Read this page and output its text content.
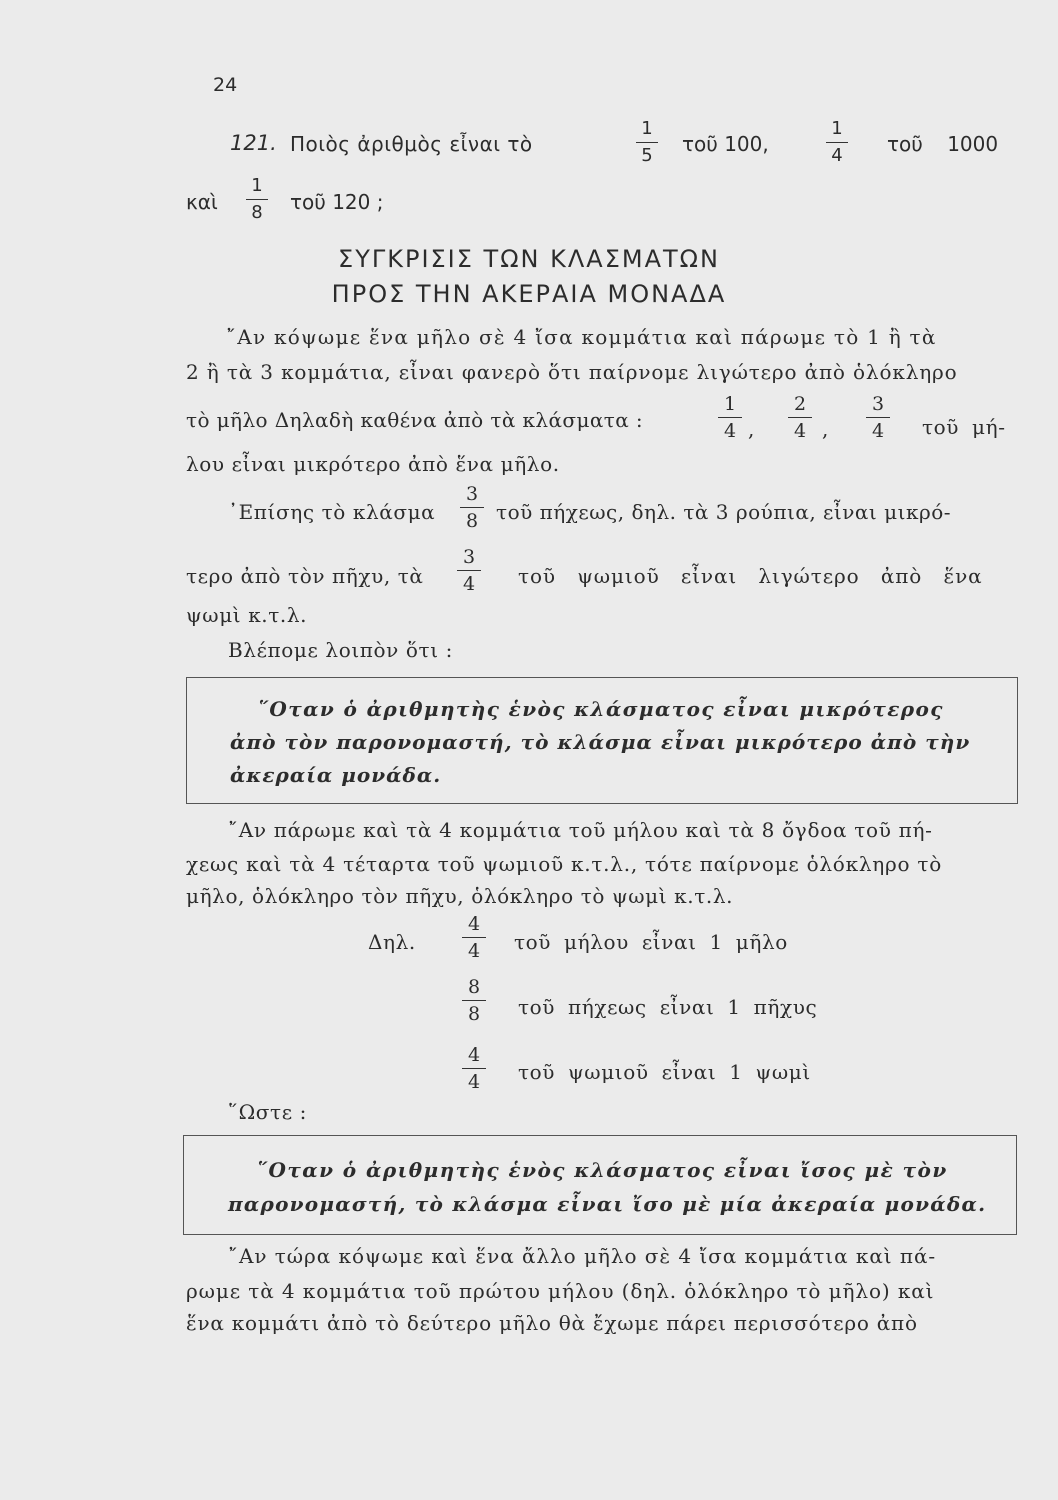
24
121. Ποιὸς ἀριθμὸς εἶναι τὸ
1
5 τοῦ 100,
1
4 τοῦ 1000
καὶ
1
8 τοῦ 120 ;
ΣΥΓΚΡΙΣΙΣ ΤΩΝ ΚΛΑΣΜΑΤΩΝ
ΠΡΟΣ ΤΗΝ ΑΚΕΡΑΙΑ ΜΟΝΑΔΑ
῎Αν κόψωμε ἕνα μῆλο σὲ 4 ἴσα κομμάτια καὶ πάρωμε τὸ 1 ἢ τὰ
2 ἢ τὰ 3 κομμάτια, εἶναι φανερὸ ὅτι παίρνομε λιγώτερο ἀπὸ ὁλόκληρο
τὸ μῆλο Δηλαδὴ καθένα ἀπὸ τὰ κλάσματα :
1
4 ,
2
4 ,
3
4 τοῦ μή-
λου εἶναι μικρότερο ἀπὸ ἕνα μῆλο.
᾿Επίσης τὸ κλάσμα
3
8 τοῦ πήχεως, δηλ. τὰ 3 ρούπια, εἶναι μικρό-
τερο ἀπὸ τὸν πῆχυ, τὰ
3
4 τοῦ ψωμιοῦ εἶναι λιγώτερο ἀπὸ ἕνα
ψωμὶ κ.τ.λ.
Βλέπομε λοιπὸν ὅτι :
῞Οταν ὁ ἀριθμητὴς ἑνὸς κλάσματος εἶναι μικρότερος
ἀπὸ τὸν παρονομαστή, τὸ κλάσμα εἶναι μικρότερο ἀπὸ τὴν
ἀκεραία μονάδα.
῎Αν πάρωμε καὶ τὰ 4 κομμάτια τοῦ μήλου καὶ τὰ 8 ὄγδοα τοῦ πή-
χεως καὶ τὰ 4 τέταρτα τοῦ ψωμιοῦ κ.τ.λ., τότε παίρνομε ὁλόκληρο τὸ
μῆλο, ὁλόκληρο τὸν πῆχυ, ὁλόκληρο τὸ ψωμὶ κ.τ.λ.
Δηλ.
4
4 τοῦ μήλου εἶναι 1 μῆλο
8
8 τοῦ πήχεως εἶναι 1 πῆχυς
4
4 τοῦ ψωμιοῦ εἶναι 1 ψωμὶ
῞Ωστε :
῞Οταν ὁ ἀριθμητὴς ἑνὸς κλάσματος εἶναι ἴσος μὲ τὸν
παρονομαστή, τὸ κλάσμα εἶναι ἴσο μὲ μία ἀκεραία μονάδα.
῎Αν τώρα κόψωμε καὶ ἕνα ἄλλο μῆλο σὲ 4 ἴσα κομμάτια καὶ πά-
ρωμε τὰ 4 κομμάτια τοῦ πρώτου μήλου (δηλ. ὁλόκληρο τὸ μῆλο) καὶ
ἕνα κομμάτι ἀπὸ τὸ δεύτερο μῆλο θὰ ἔχωμε πάρει περισσότερο ἀπὸ
